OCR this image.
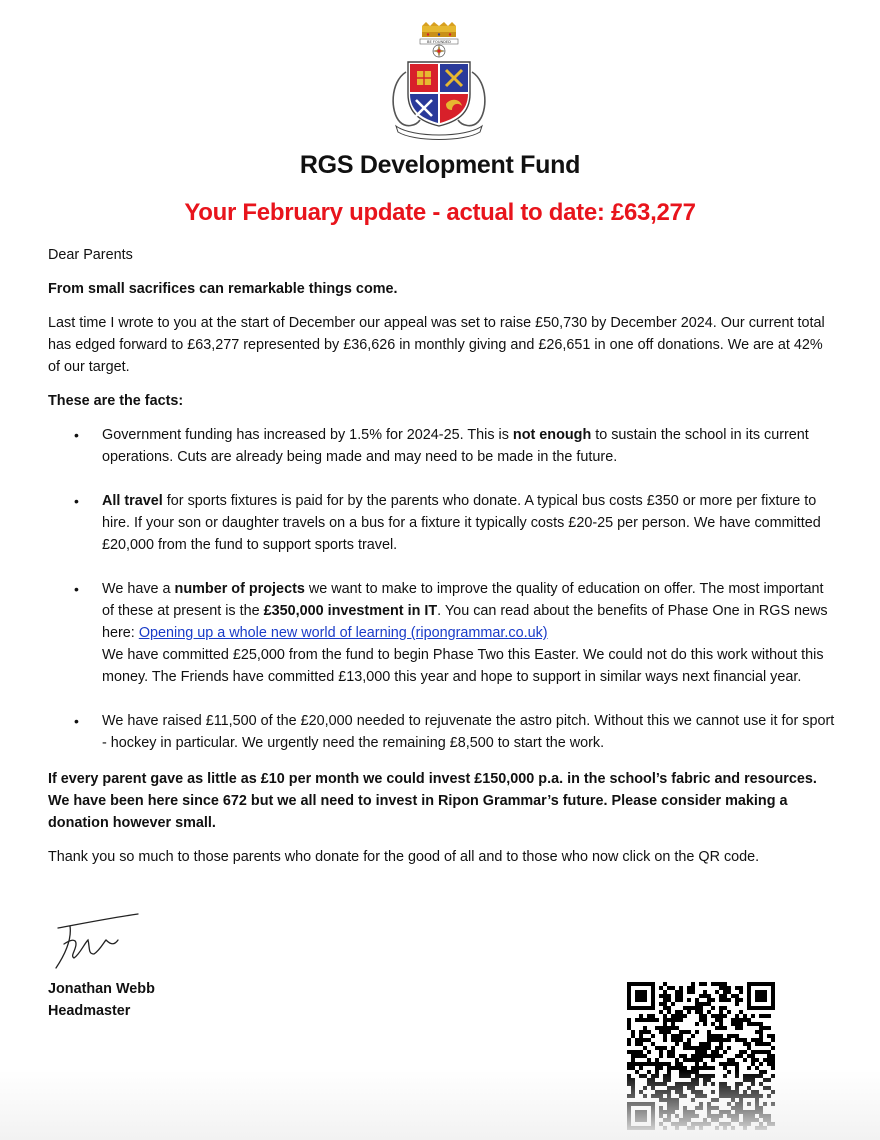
BE FOUNDED
RGS Development Fund
Your February update - actual to date: £63,277

Dear Parents

From small sacrifices can remarkable things come.

Last time I wrote to you at the start of December our appeal was set to raise £50,730 by December 2024. Our current total has edged forward to £63,277 represented by £36,626 in monthly giving and £26,651 in one off donations. We are at 42% of our target.

These are the facts:

• Government funding has increased by 1.5% for 2024-25. This is not enough to sustain the school in its current operations. Cuts are already being made and may need to be made in the future.
• All travel for sports fixtures is paid for by the parents who donate. A typical bus costs £350 or more per fixture to hire. If your son or daughter travels on a bus for a fixture it typically costs £20-25 per person. We have committed £20,000 from the fund to support sports travel.
• We have a number of projects we want to make to improve the quality of education on offer. The most important of these at present is the £350,000 investment in IT. You can read about the benefits of Phase One in RGS news here: Opening up a whole new world of learning (ripongrammar.co.uk)
We have committed £25,000 from the fund to begin Phase Two this Easter. We could not do this work without this money. The Friends have committed £13,000 this year and hope to support in similar ways next financial year.
• We have raised £11,500 of the £20,000 needed to rejuvenate the astro pitch. Without this we cannot use it for sport - hockey in particular. We urgently need the remaining £8,500 to start the work.

If every parent gave as little as £10 per month we could invest £150,000 p.a. in the school’s fabric and resources. We have been here since 672 but we all need to invest in Ripon Grammar’s future. Please consider making a donation however small.

Thank you so much to those parents who donate for the good of all and to those who now click on the QR code.

Jonathan Webb
Headmaster
